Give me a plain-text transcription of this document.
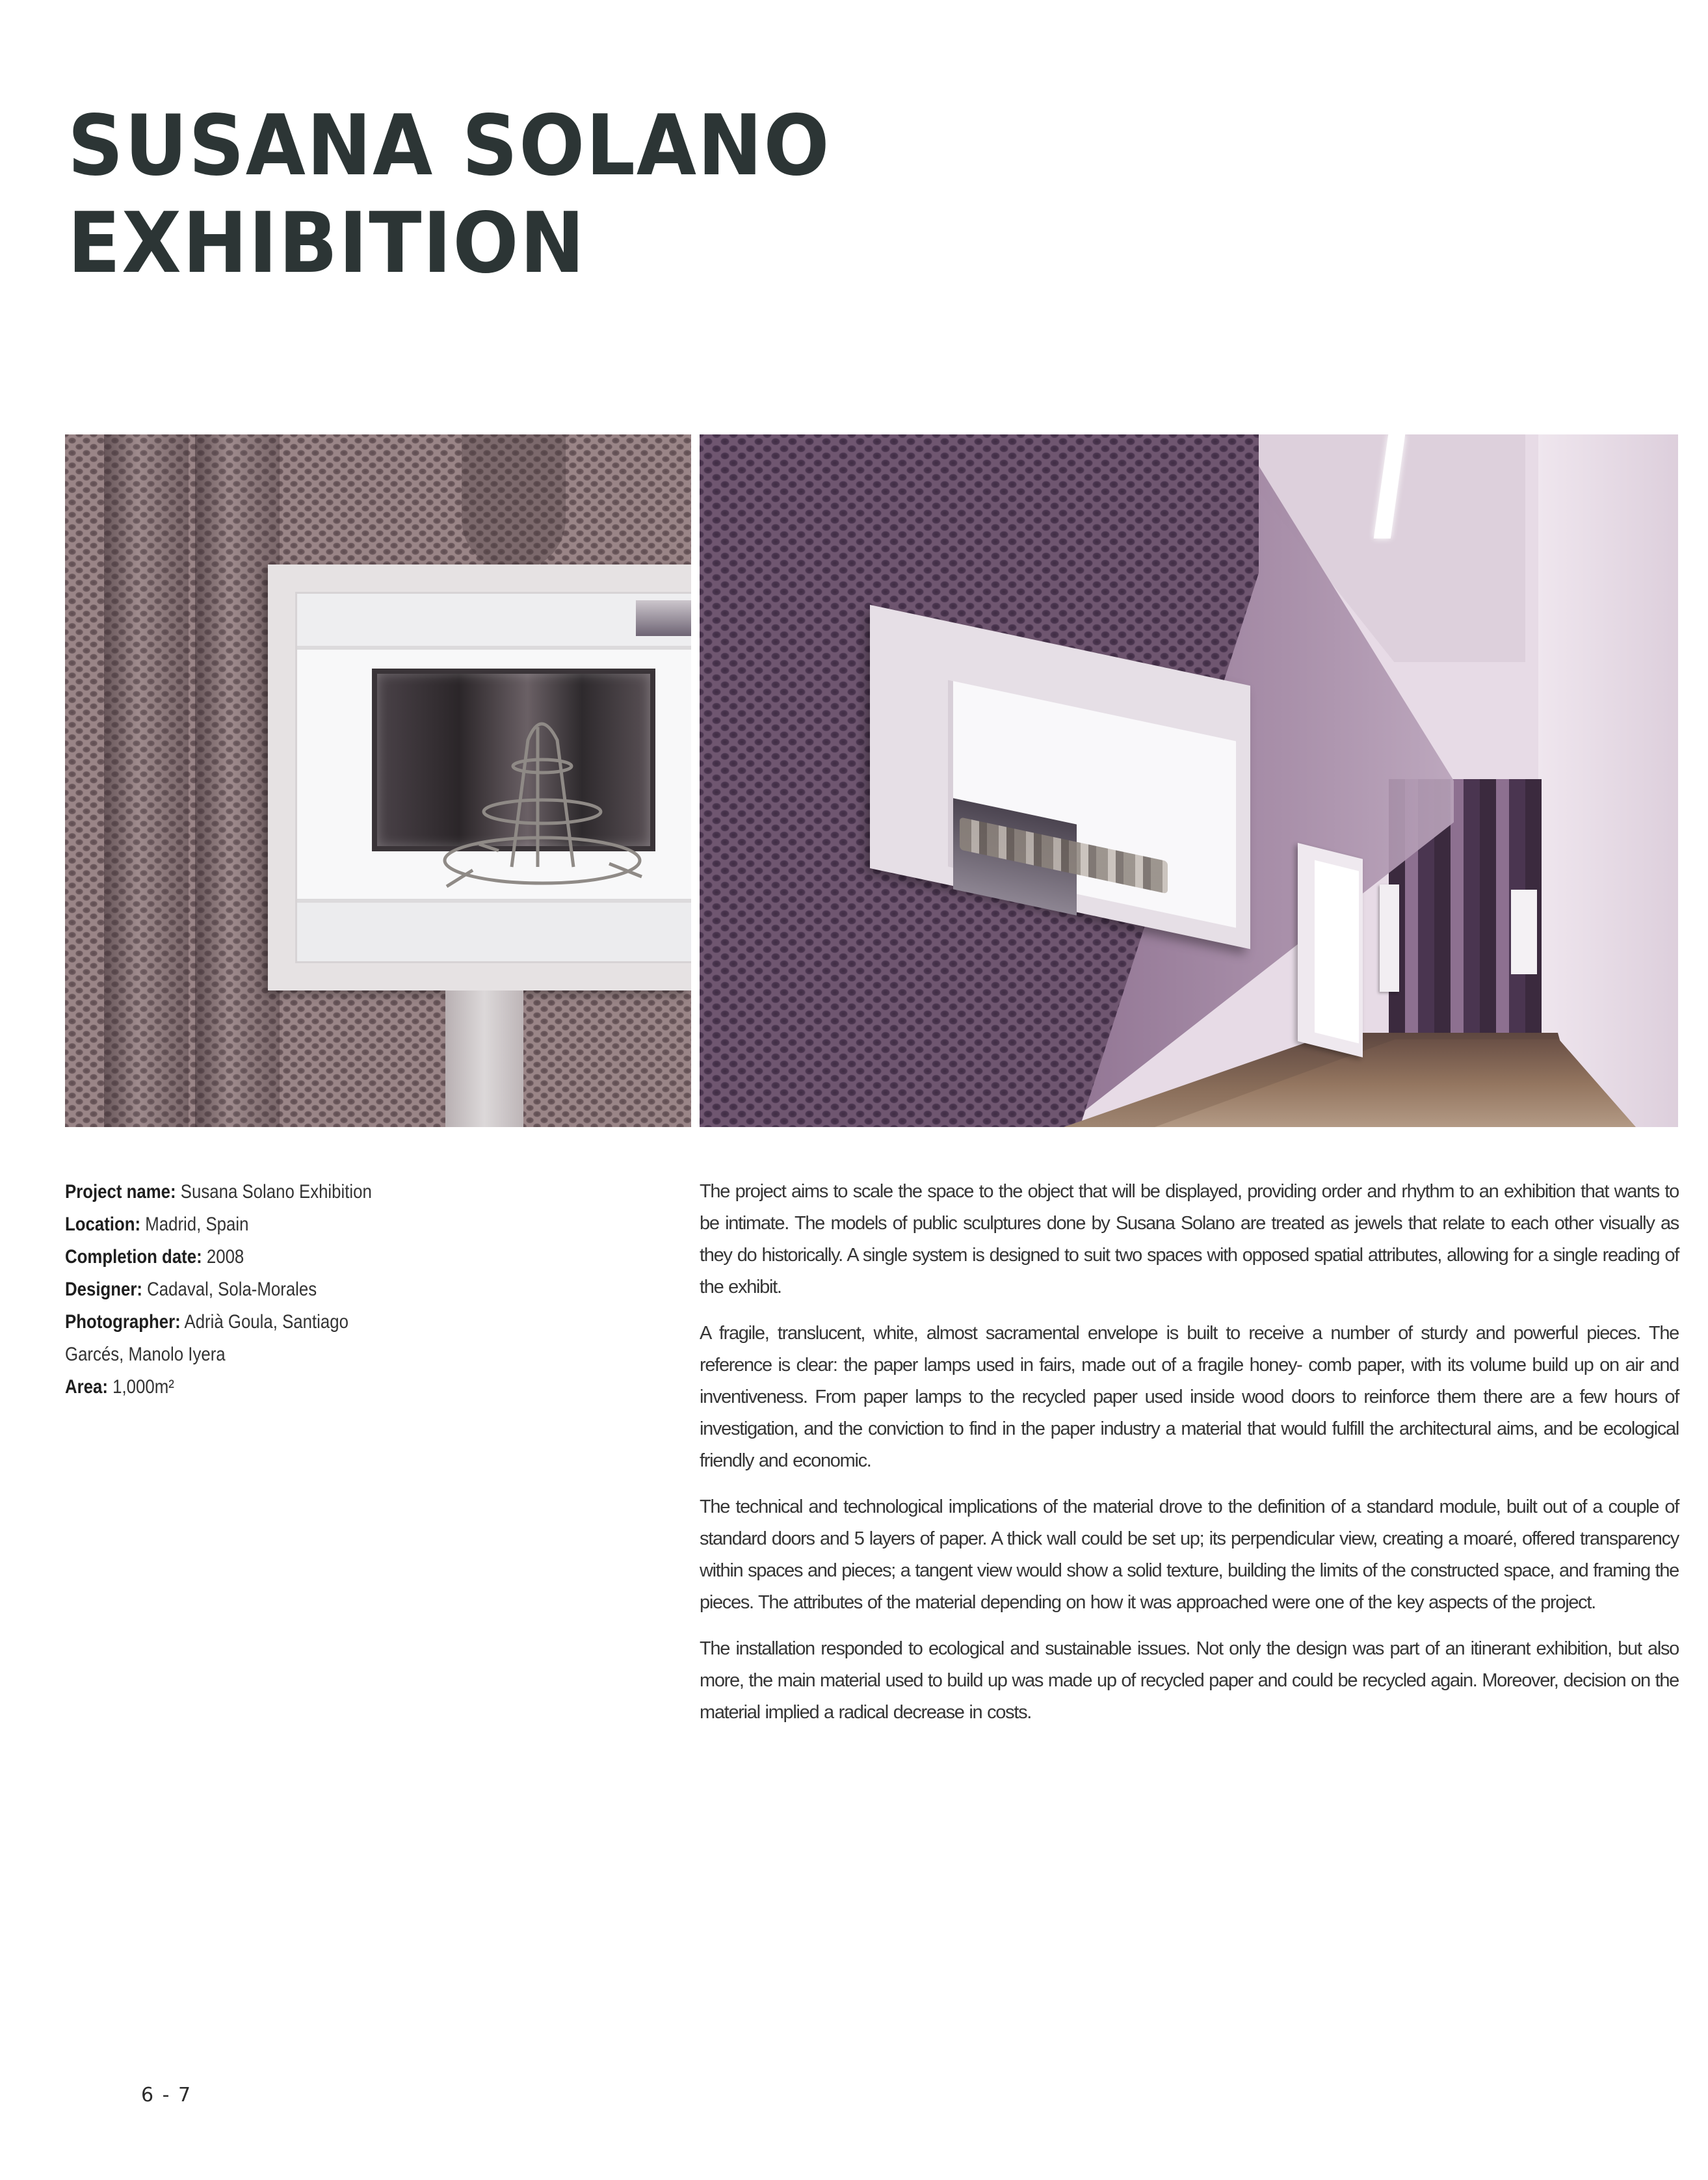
SUSANA SOLANO
EXHIBITION
Project name: Susana Solano Exhibition
Location: Madrid, Spain
Completion date: 2008
Designer: Cadaval, Sola-Morales
Photographer: Adrià Goula, Santiago
Garcés, Manolo Iyera
Area: 1,000m²

The project aims to scale the space to the object that will be displayed, providing order and rhythm to an exhibition that wants to be intimate. The models of public sculptures done by Susana Solano are treated as jewels that relate to each other visually as they do historically. A single system is designed to suit two spaces with opposed spatial attributes, allowing for a single reading of the exhibit.

A fragile, translucent, white, almost sacramental envelope is built to receive a number of sturdy and powerful pieces. The reference is clear: the paper lamps used in fairs, made out of a fragile honey- comb paper, with its volume build up on air and inventiveness. From paper lamps to the recycled paper used inside wood doors to reinforce them there are a few hours of investigation, and the conviction to find in the paper industry a material that would fulfill the architectural aims, and be ecological friendly and economic.

The technical and technological implications of the material drove to the definition of a standard module, built out of a couple of standard doors and 5 layers of paper. A thick wall could be set up; its perpendicular view, creating a moaré, offered transparency within spaces and pieces; a tangent view would show a solid texture, building the limits of the constructed space, and framing the pieces. The attributes of the material depending on how it was approached were one of the key aspects of the project.

The installation responded to ecological and sustainable issues. Not only the design was part of an itinerant exhibition, but also more, the main material used to build up was made up of recycled paper and could be recycled again. Moreover, decision on the material implied a radical decrease in costs.

6 - 7
